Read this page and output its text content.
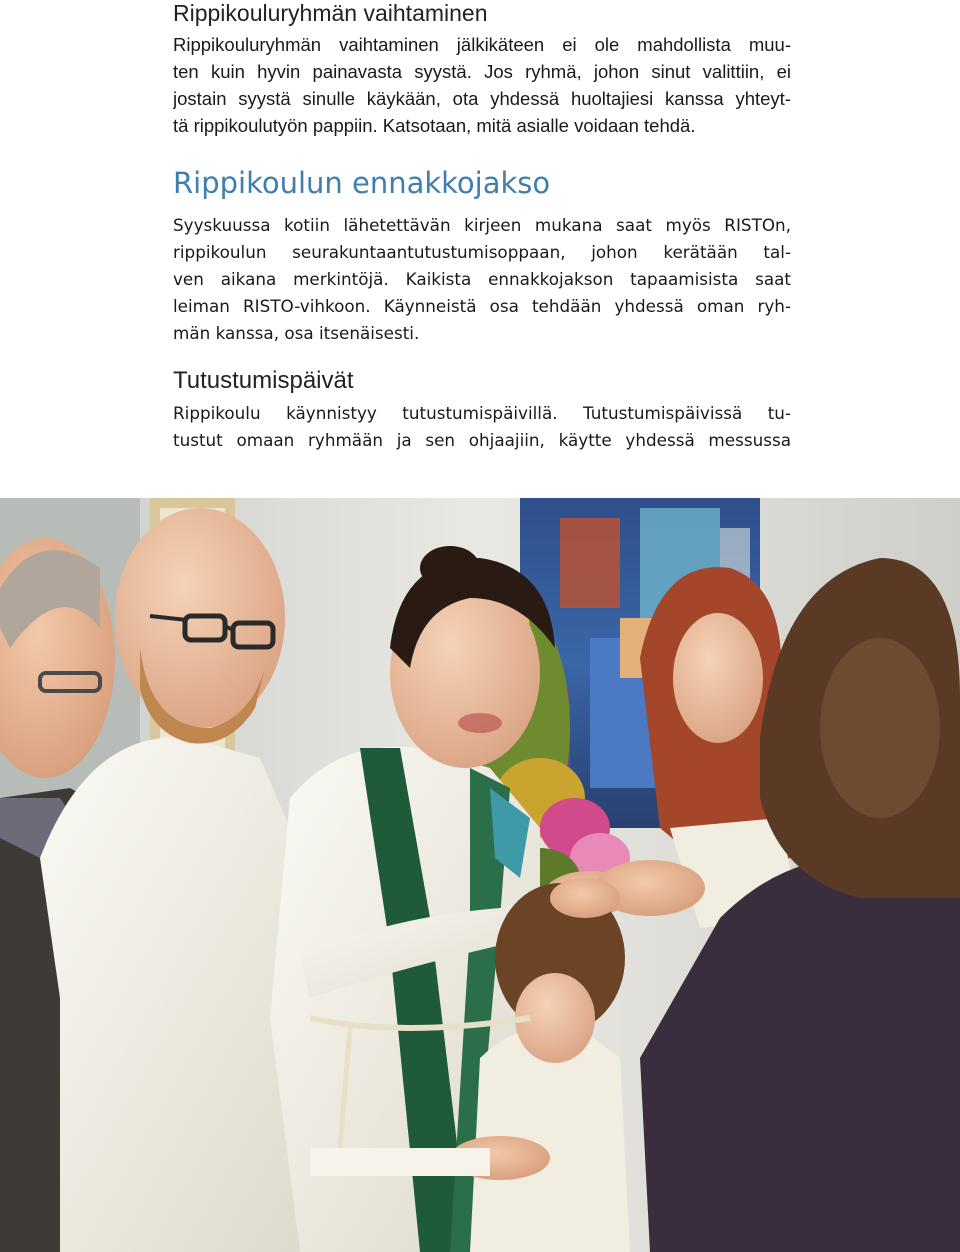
Rippikouluryhmän vaihtaminen
Rippikouluryhmän vaihtaminen jälkikäteen ei ole mahdollista muu-
ten kuin hyvin painavasta syystä. Jos ryhmä, johon sinut valittiin, ei
jostain syystä sinulle käykään, ota yhdessä huoltajiesi kanssa yhteyt-
tä rippikoulutyön pappiin. Katsotaan, mitä asialle voidaan tehdä.
Rippikoulun ennakkojakso
Syyskuussa kotiin lähetettävän kirjeen mukana saat myös RISTOn,
rippikoulun seurakuntaantutustumisoppaan, johon kerätään tal-
ven aikana merkintöjä. Kaikista ennakkojakson tapaamisista saat
leiman RISTO-vihkoon. Käynneistä osa tehdään yhdessä oman ryh-
män kanssa, osa itsenäisesti.
Tutustumispäivät
Rippikoulu käynnistyy tutustumispäivillä. Tutustumispäivissä tu-
tustut omaan ryhmään ja sen ohjaajiin, käytte yhdessä messussa
